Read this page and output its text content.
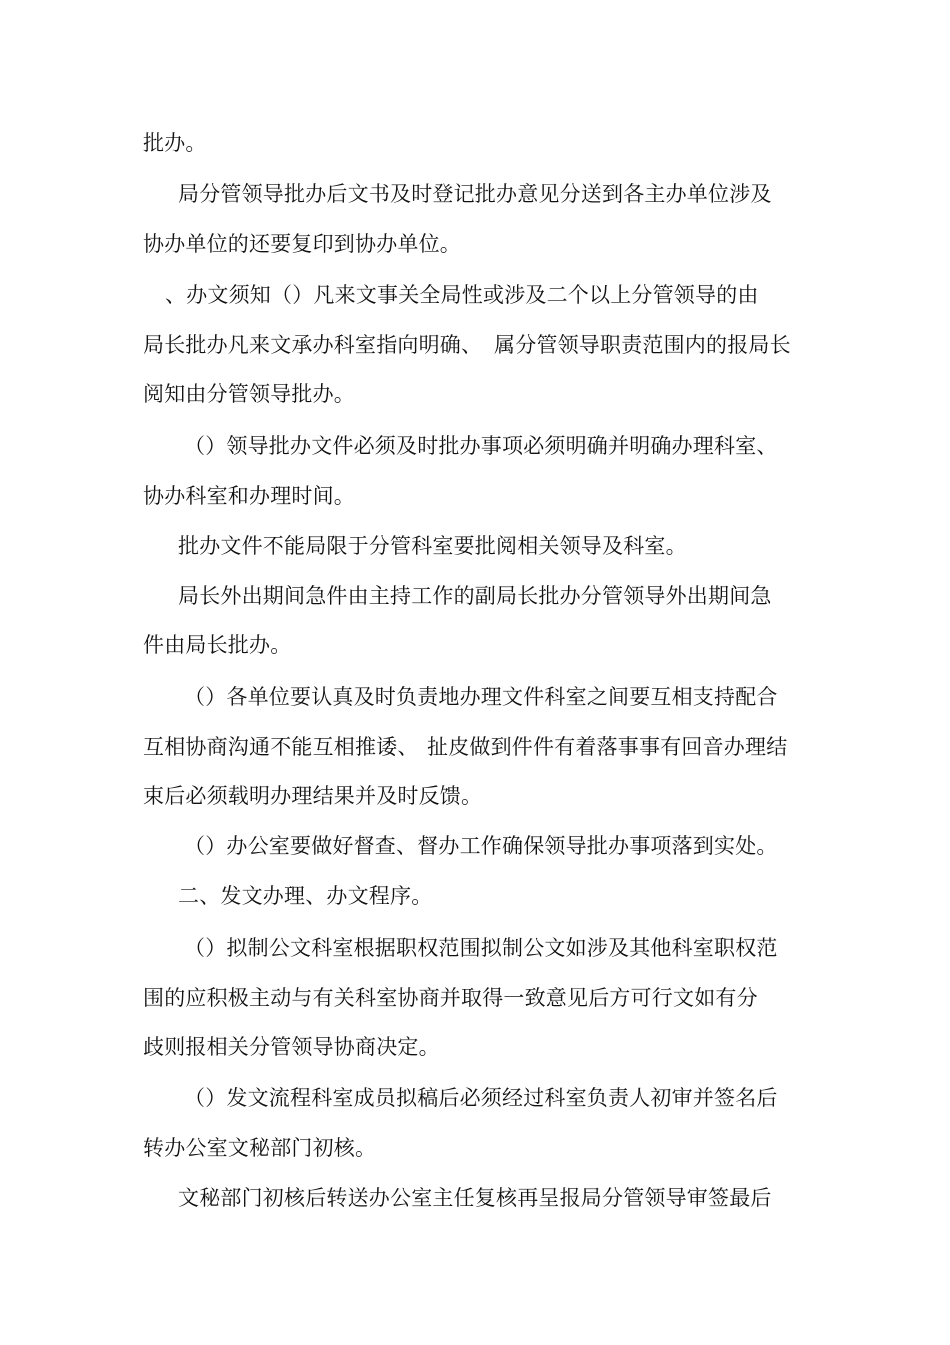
批办。
局分管领导批办后文书及时登记批办意见分送到各主办单位涉及
协办单位的还要复印到协办单位。
、办文须知（）凡来文事关全局性或涉及二个以上分管领导的由
局长批办凡来文承办科室指向明确、 属分管领导职责范围内的报局长
阅知由分管领导批办。
（）领导批办文件必须及时批办事项必须明确并明确办理科室、
协办科室和办理时间。
批办文件不能局限于分管科室要批阅相关领导及科室。
局长外出期间急件由主持工作的副局长批办分管领导外出期间急
件由局长批办。
（）各单位要认真及时负责地办理文件科室之间要互相支持配合
互相协商沟通不能互相推诿、 扯皮做到件件有着落事事有回音办理结
束后必须载明办理结果并及时反馈。
（）办公室要做好督查、督办工作确保领导批办事项落到实处。
二、发文办理、办文程序。
（）拟制公文科室根据职权范围拟制公文如涉及其他科室职权范
围的应积极主动与有关科室协商并取得一致意见后方可行文如有分
歧则报相关分管领导协商决定。
（）发文流程科室成员拟稿后必须经过科室负责人初审并签名后
转办公室文秘部门初核。
文秘部门初核后转送办公室主任复核再呈报局分管领导审签最后
